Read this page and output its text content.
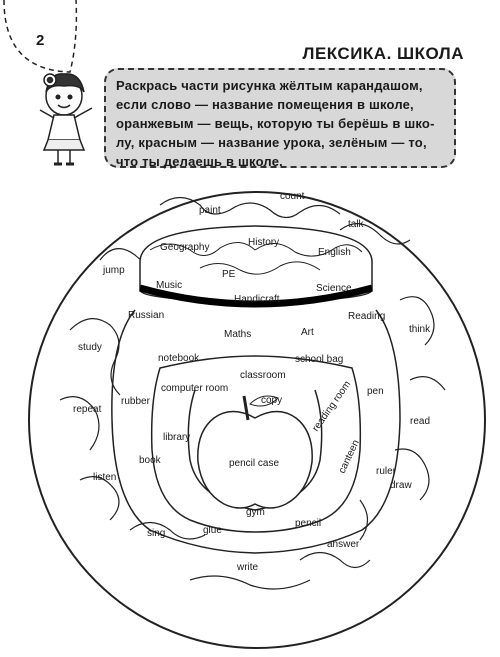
2
ЛЕКСИКА. ШКОЛА
Раскрась части рисунка жёлтым карандашом,
если слово — название помещения в школе,
оранжевым — вещь, которую ты берёшь в шко-
лу, красным — название урока, зелёным — то,
что ты делаешь в школе.
count
paint
talk
Geography	History
English
jump	PE
Music	Science
Handicraft
Russian	Reading
think
Maths	Art
study
notebook	school bag
classroom
computer room
copy	reading room pen
repeat
rubber
library
read
book	pencil case	canteen ruler
listen
draw
gym
sing	glue
pencil
answer
write
